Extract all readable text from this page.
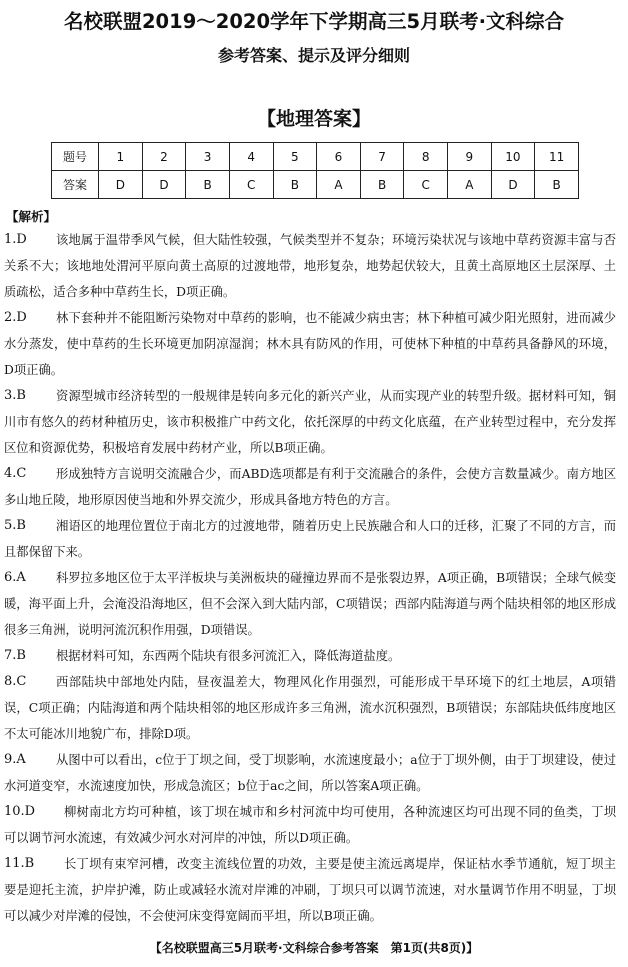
名校联盟2019～2020学年下学期高三5月联考·文科综合
参考答案、提示及评分细则
【地理答案】
题号	1	2	3	4	5	6	7	8	9	10	11
答案	D	D	B	C	B	A	B	C	A	D	B
【解析】
1.D	该地属于温带季风气候，但大陆性较强，气候类型并不复杂；环境污染状况与该地中草药资源丰富与否关系不大；该地地处渭河平原向黄土高原的过渡地带，地形复杂，地势起伏较大，且黄土高原地区土层深厚、土质疏松，适合多种中草药生长，D项正确。
2.D	林下套种并不能阻断污染物对中草药的影响，也不能减少病虫害；林下种植可减少阳光照射，进而减少水分蒸发，使中草药的生长环境更加阴凉湿润；林木具有防风的作用，可使林下种植的中草药具备静风的环境，D项正确。
3.B	资源型城市经济转型的一般规律是转向多元化的新兴产业，从而实现产业的转型升级。据材料可知，铜川市有悠久的药材种植历史，该市积极推广中药文化，依托深厚的中药文化底蕴，在产业转型过程中，充分发挥区位和资源优势，积极培育发展中药材产业，所以B项正确。
4.C	形成独特方言说明交流融合少，而ABD选项都是有利于交流融合的条件，会使方言数量减少。南方地区多山地丘陵，地形原因使当地和外界交流少，形成具备地方特色的方言。
5.B	湘语区的地理位置位于南北方的过渡地带，随着历史上民族融合和人口的迁移，汇聚了不同的方言，而且都保留下来。
6.A	科罗拉多地区位于太平洋板块与美洲板块的碰撞边界而不是张裂边界，A项正确，B项错误；全球气候变暖，海平面上升，会淹没沿海地区，但不会深入到大陆内部，C项错误；西部内陆海道与两个陆块相邻的地区形成很多三角洲，说明河流沉积作用强，D项错误。
7.B	根据材料可知，东西两个陆块有很多河流汇入，降低海道盐度。
8.C	西部陆块中部地处内陆，昼夜温差大，物理风化作用强烈，可能形成干旱环境下的红土地层，A项错误，C项正确；内陆海道和两个陆块相邻的地区形成许多三角洲，流水沉积强烈，B项错误；东部陆块低纬度地区不太可能冰川地貌广布，排除D项。
9.A	从图中可以看出，c位于丁坝之间，受丁坝影响，水流速度最小；a位于丁坝外侧，由于丁坝建设，使过水河道变窄，水流速度加快，形成急流区；b位于ac之间，所以答案A项正确。
10.D	柳树南北方均可种植，该丁坝在城市和乡村河流中均可使用，各种流速区均可出现不同的鱼类，丁坝可以调节河水流速，有效减少河水对河岸的冲蚀，所以D项正确。
11.B	长丁坝有束窄河槽，改变主流线位置的功效，主要是使主流远离堤岸，保证枯水季节通航，短丁坝主要是迎托主流，护岸护滩，防止或减轻水流对岸滩的冲刷，丁坝只可以调节流速，对水量调节作用不明显，丁坝可以减少对岸滩的侵蚀，不会使河床变得宽阔而平坦，所以B项正确。
【名校联盟高三5月联考·文科综合参考答案　第1页(共8页)】
